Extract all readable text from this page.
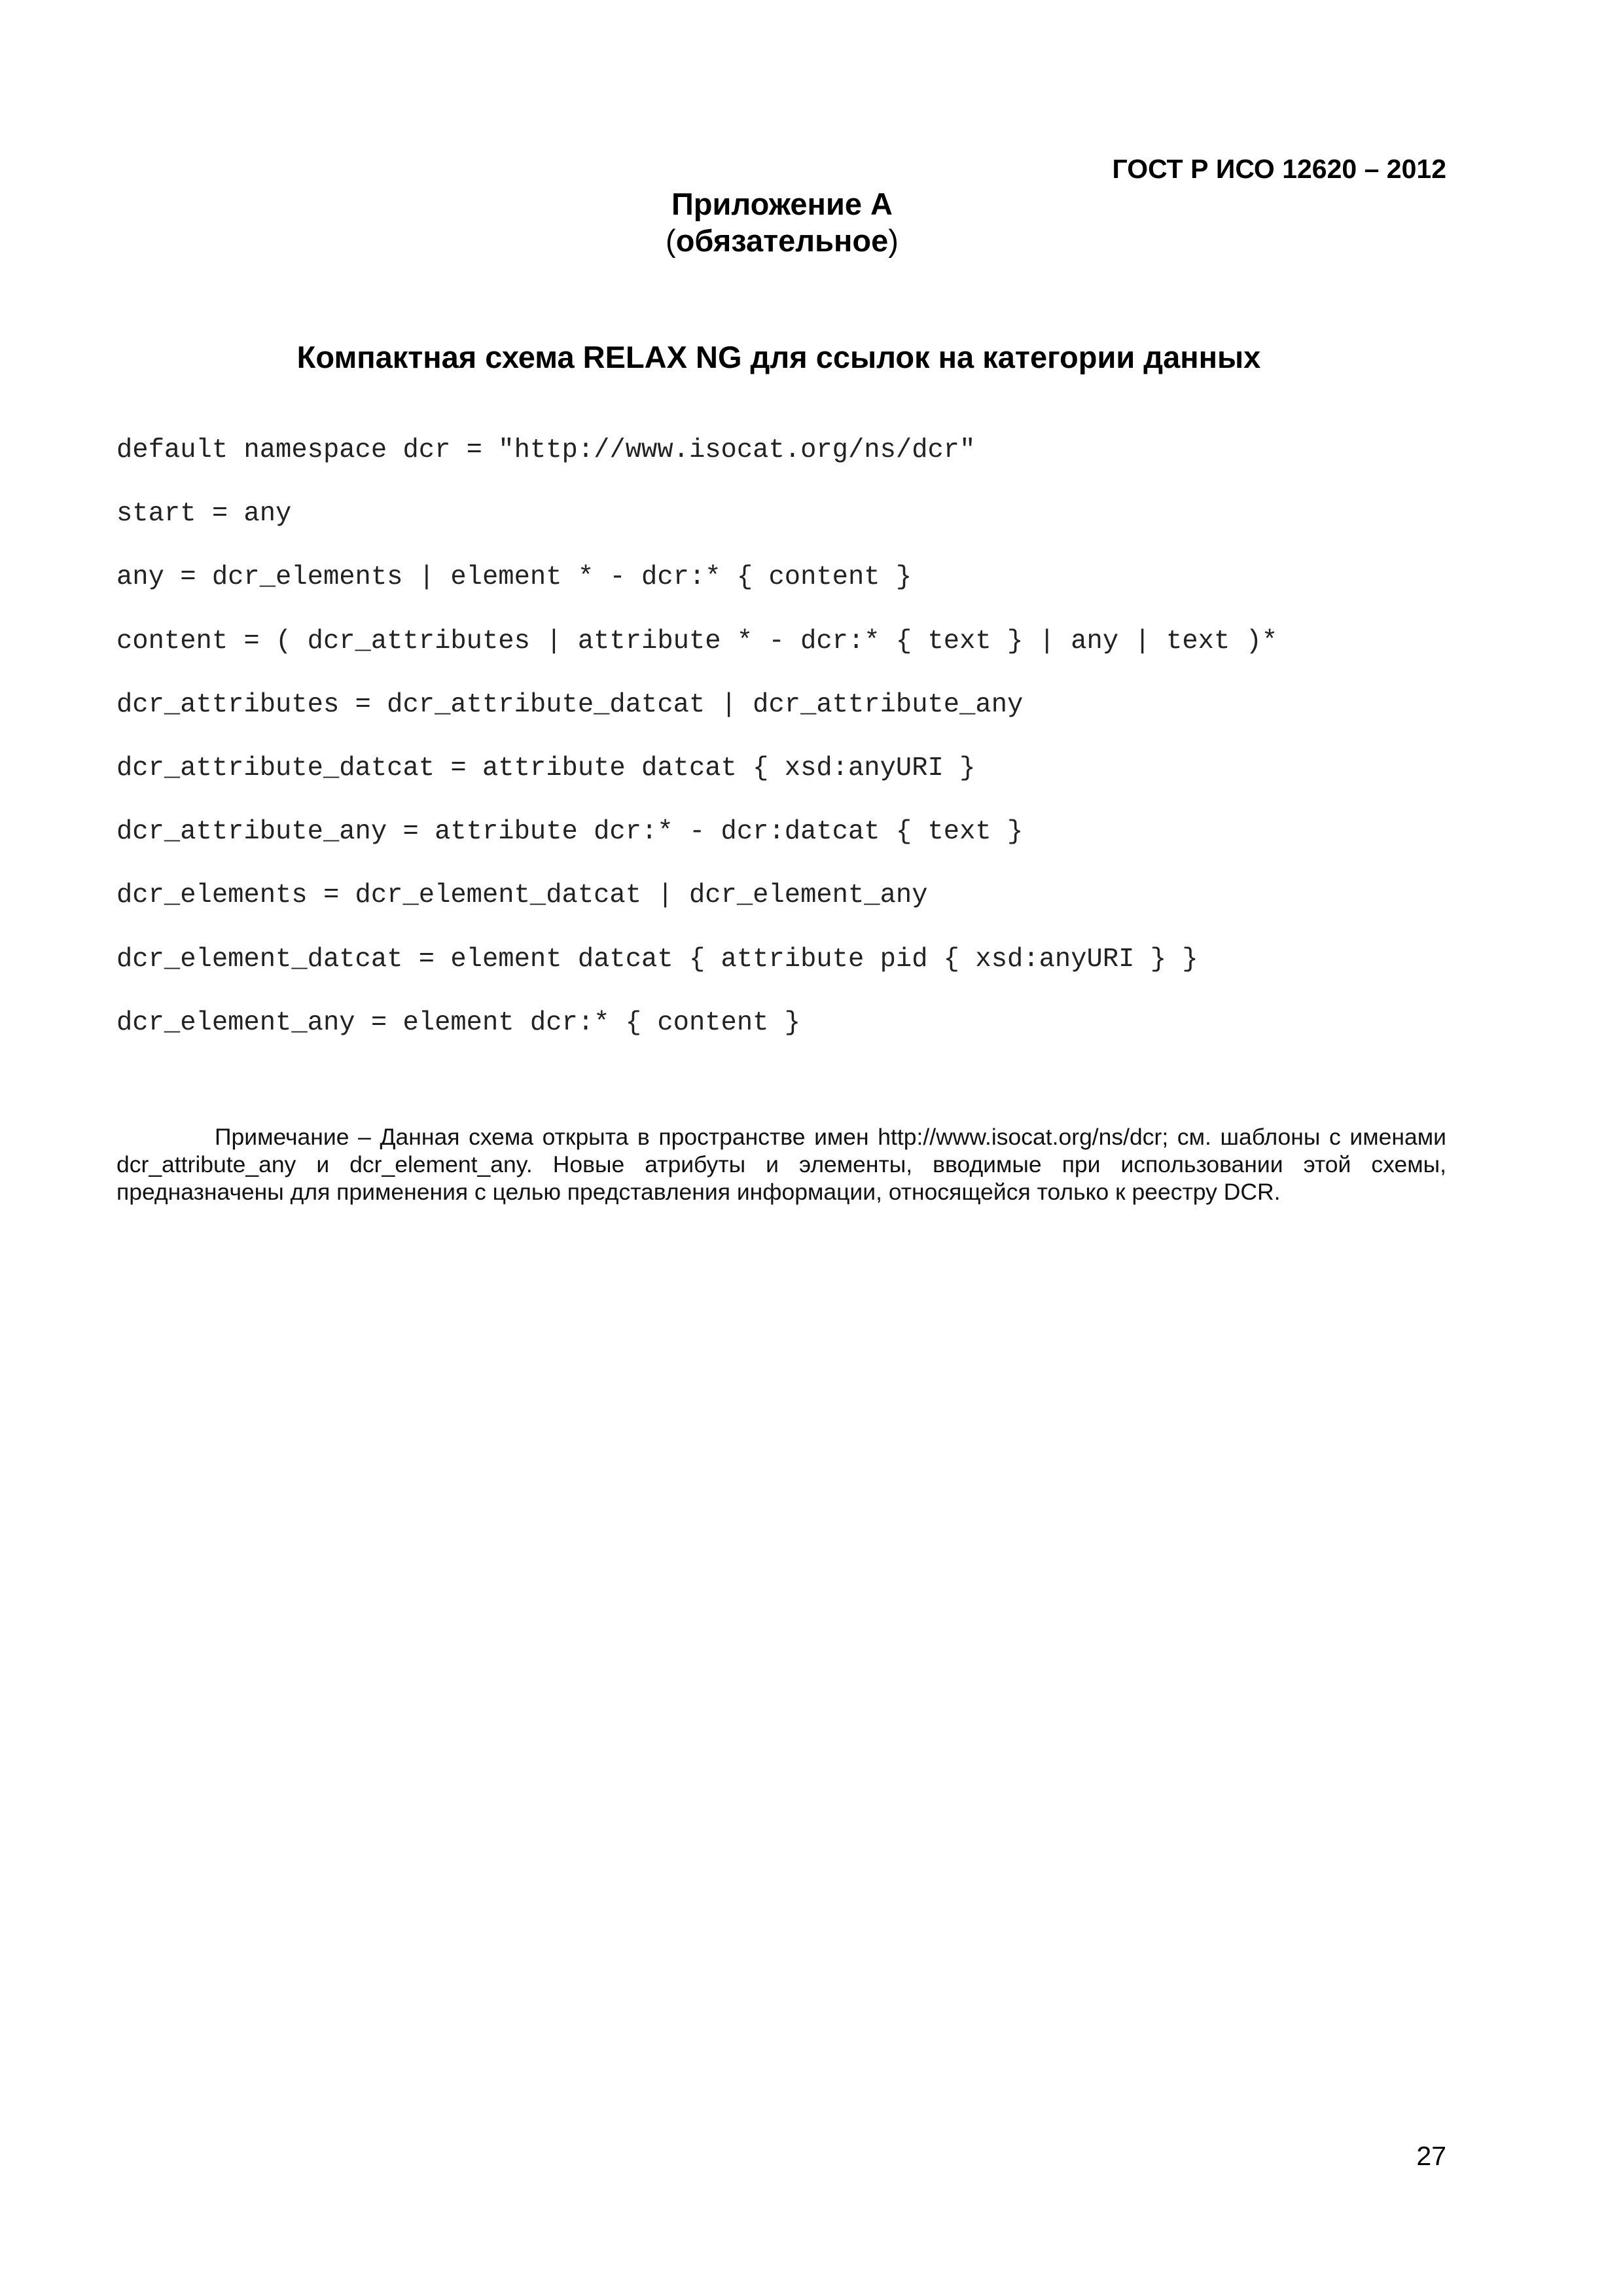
ГОСТ Р ИСО 12620 – 2012
Приложение А
(обязательное)
Компактная схема RELAX NG для ссылок на категории данных
default namespace dcr = "http://www.isocat.org/ns/dcr"
start = any
any = dcr_elements | element * - dcr:* { content }
content = ( dcr_attributes | attribute * - dcr:* { text } | any | text )*
dcr_attributes = dcr_attribute_datcat | dcr_attribute_any
dcr_attribute_datcat = attribute datcat { xsd:anyURI }
dcr_attribute_any = attribute dcr:* - dcr:datcat { text }
dcr_elements = dcr_element_datcat | dcr_element_any
dcr_element_datcat = element datcat { attribute pid { xsd:anyURI } }
dcr_element_any = element dcr:* { content }

Примечание – Данная схема открыта в пространстве имен http://www.isocat.org/ns/dcr; см. шаблоны с именами dcr_attribute_any и dcr_element_any. Новые атрибуты и элементы, вводимые при использовании этой схемы, предназначены для применения с целью представления информации, относящейся только к реестру DCR.

27
